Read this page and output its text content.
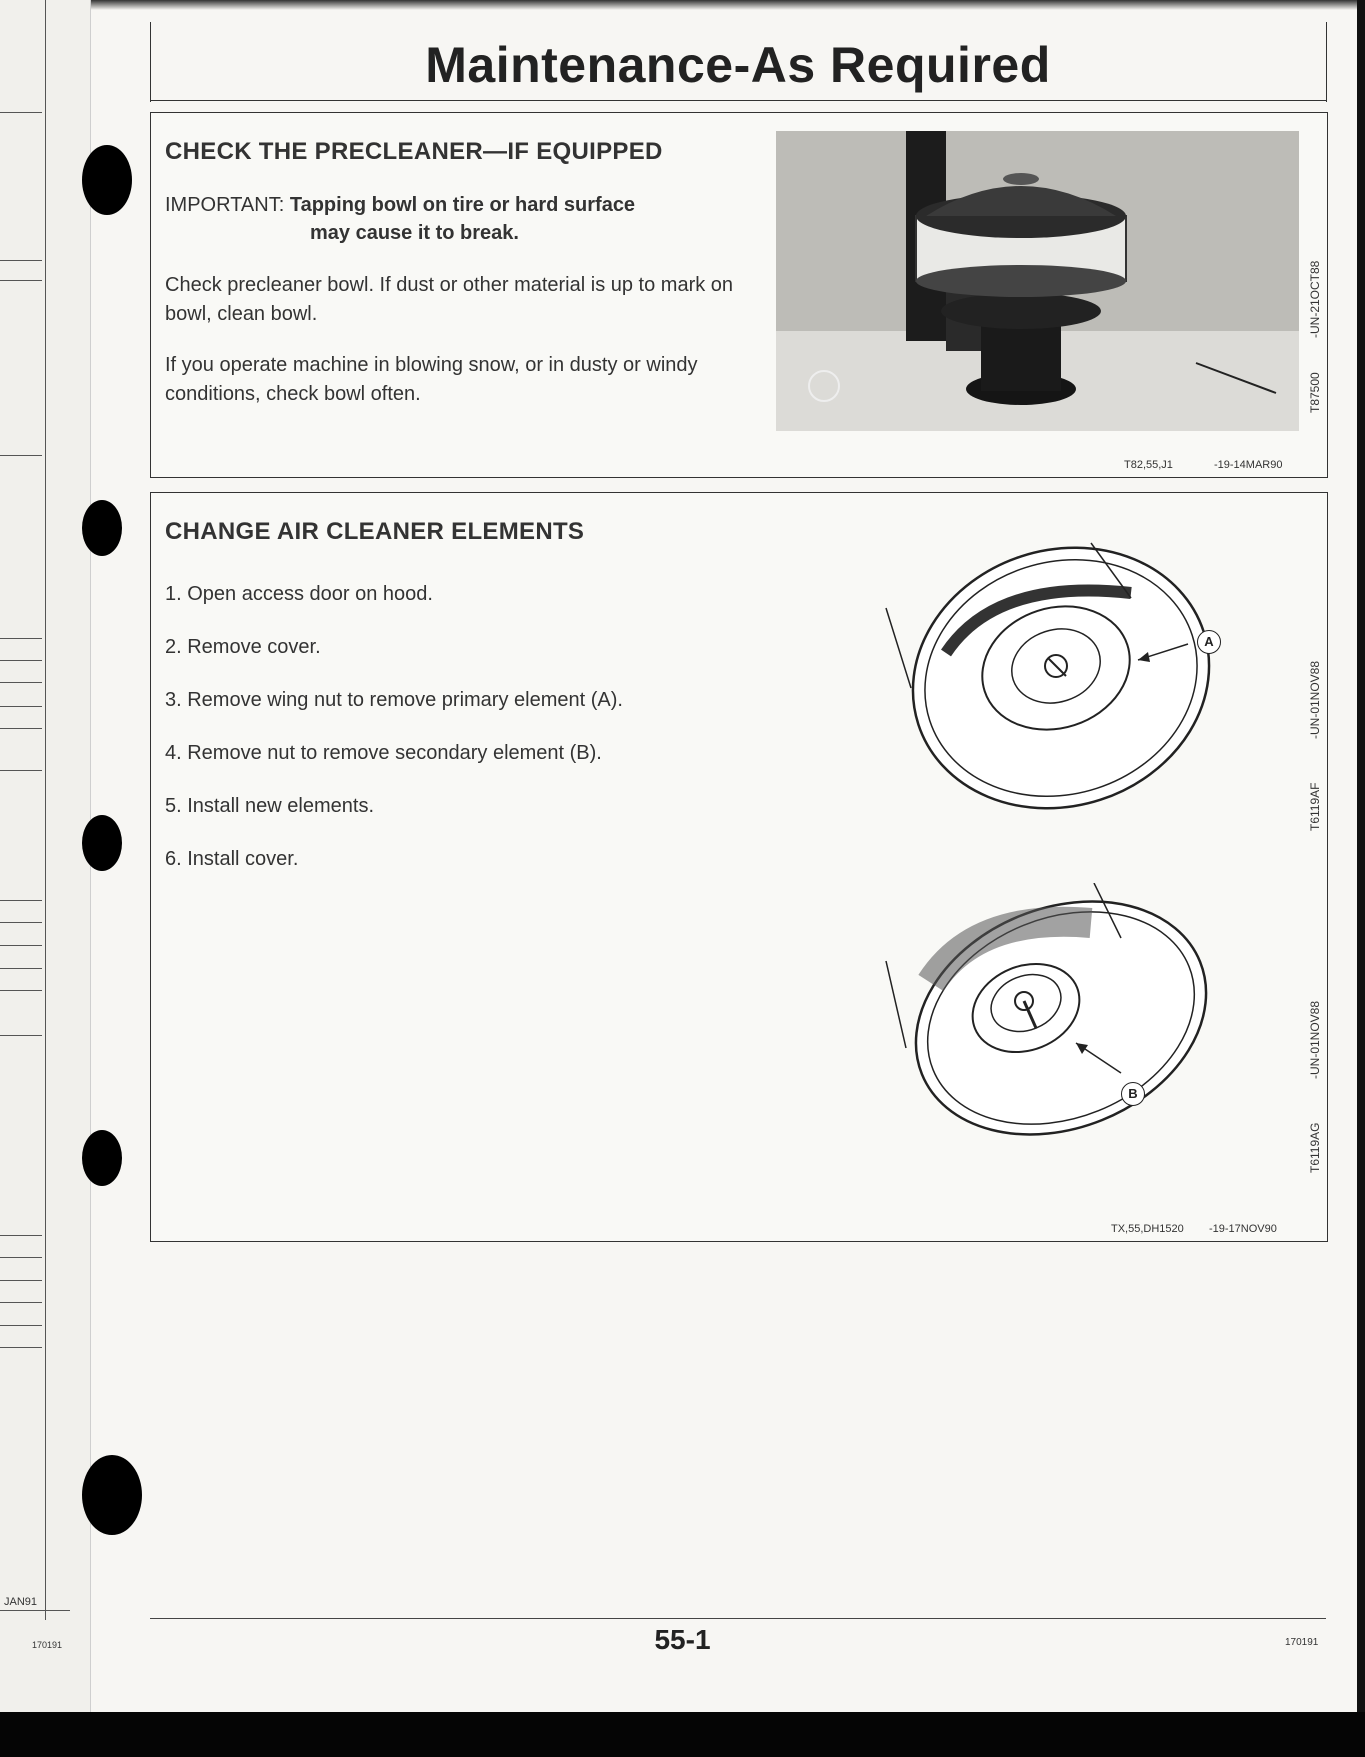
JAN91
170191
Maintenance-As Required
CHECK THE PRECLEANER—IF EQUIPPED
IMPORTANT: Tapping bowl on tire or hard surface
may cause it to break.
Check precleaner bowl. If dust or other material is up to mark on bowl, clean bowl.
If you operate machine in blowing snow, or in dusty or windy conditions, check bowl often.	T87500
-UN-21OCT88
T82,55,J1	-19-14MAR90
CHANGE AIR CLEANER ELEMENTS
1. Open access door on hood.
2. Remove cover.
3. Remove wing nut to remove primary element (A).
4. Remove nut to remove secondary element (B).
5. Install new elements.
6. Install cover.
A
B
T6119AF
-UN-01NOV88
T6119AG
-UN-01NOV88
TX,55,DH1520 -19-17NOV90
55-1	170191
